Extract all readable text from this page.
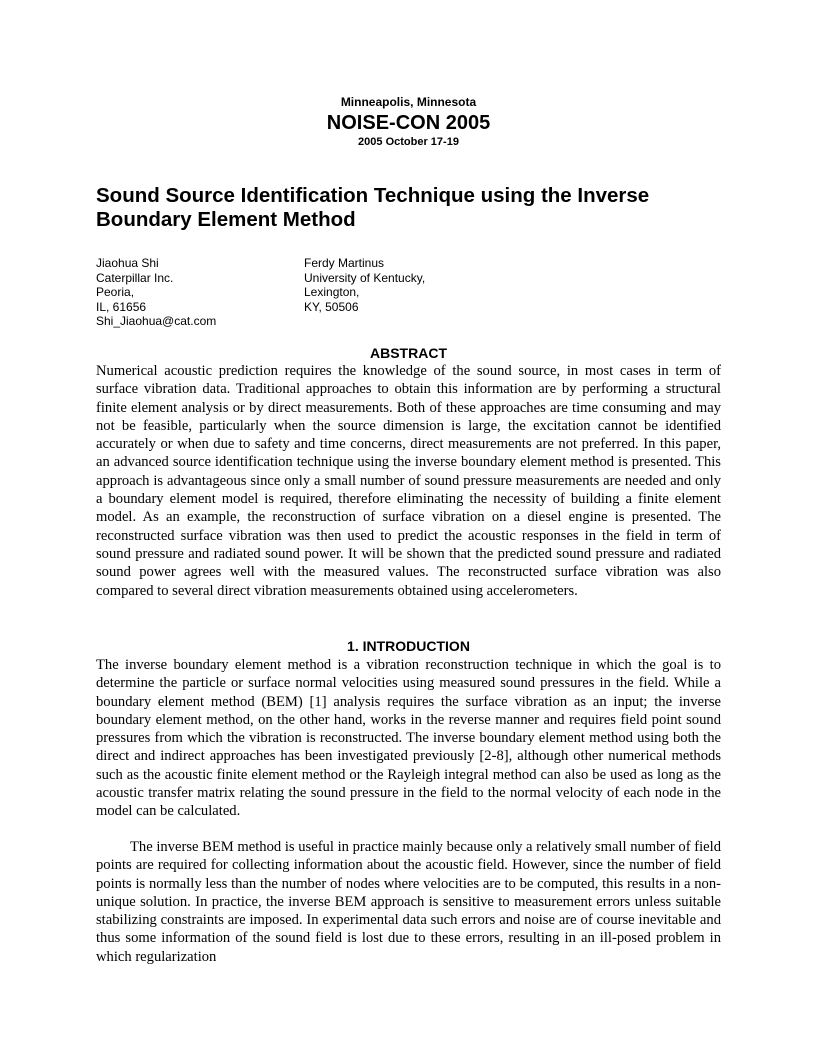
Minneapolis, Minnesota
NOISE-CON 2005
2005 October 17-19
Sound Source Identification Technique using the Inverse Boundary Element Method
Jiaohua Shi
Caterpillar Inc.
Peoria,
IL, 61656
Shi_Jiaohua@cat.com
Ferdy Martinus
University of Kentucky,
Lexington,
KY, 50506
ABSTRACT

Numerical acoustic prediction requires the knowledge of the sound source, in most cases in term of surface vibration data. Traditional approaches to obtain this information are by performing a structural finite element analysis or by direct measurements. Both of these approaches are time consuming and may not be feasible, particularly when the source dimension is large, the excitation cannot be identified accurately or when due to safety and time concerns, direct measurements are not preferred. In this paper, an advanced source identification technique using the inverse boundary element method is presented. This approach is advantageous since only a small number of sound pressure measurements are needed and only a boundary element model is required, therefore eliminating the necessity of building a finite element model. As an example, the reconstruction of surface vibration on a diesel engine is presented. The reconstructed surface vibration was then used to predict the acoustic responses in the field in term of sound pressure and radiated sound power. It will be shown that the predicted sound pressure and radiated sound power agrees well with the measured values. The reconstructed surface vibration was also compared to several direct vibration measurements obtained using accelerometers.

1. INTRODUCTION

The inverse boundary element method is a vibration reconstruction technique in which the goal is to determine the particle or surface normal velocities using measured sound pressures in the field. While a boundary element method (BEM) [1] analysis requires the surface vibration as an input; the inverse boundary element method, on the other hand, works in the reverse manner and requires field point sound pressures from which the vibration is reconstructed. The inverse boundary element method using both the direct and indirect approaches has been investigated previously [2-8], although other numerical methods such as the acoustic finite element method or the Rayleigh integral method can also be used as long as the acoustic transfer matrix relating the sound pressure in the field to the normal velocity of each node in the model can be calculated.

The inverse BEM method is useful in practice mainly because only a relatively small number of field points are required for collecting information about the acoustic field. However, since the number of field points is normally less than the number of nodes where velocities are to be computed, this results in a non-unique solution. In practice, the inverse BEM approach is sensitive to measurement errors unless suitable stabilizing constraints are imposed. In experimental data such errors and noise are of course inevitable and thus some information of the sound field is lost due to these errors, resulting in an ill-posed problem in which regularization
